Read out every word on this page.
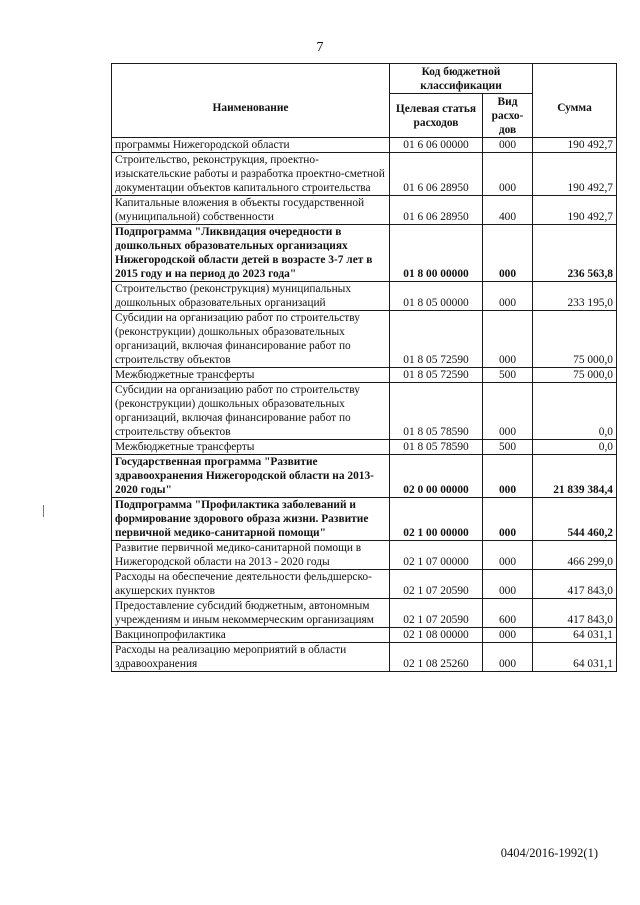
7
Наименование	Код бюджетной классификации		Сумма
	Целевая статья расходов	Вид расхо-дов	
программы Нижегородской области	01 6 06 00000	000	190 492,7
Строительство, реконструкция, проектно-изыскательские работы и разработка проектно-сметной документации объектов капитального строительства	01 6 06 28950	000	190 492,7
Капитальные вложения в объекты государственной (муниципальной) собственности	01 6 06 28950	400	190 492,7
Подпрограмма "Ликвидация очередности в дошкольных образовательных организациях Нижегородской области детей в возрасте 3-7 лет в 2015 году и на период до 2023 года"	01 8 00 00000	000	236 563,8
Строительство (реконструкция) муниципальных дошкольных образовательных организаций	01 8 05 00000	000	233 195,0
Субсидии на организацию работ по строительству (реконструкции) дошкольных образовательных организаций, включая финансирование работ по строительству объектов	01 8 05 72590	000	75 000,0
Межбюджетные трансферты	01 8 05 72590	500	75 000,0
Субсидии на организацию работ по строительству (реконструкции) дошкольных образовательных организаций, включая финансирование работ по строительству объектов	01 8 05 78590	000	0,0
Межбюджетные трансферты	01 8 05 78590	500	0,0
Государственная программа "Развитие здравоохранения Нижегородской области на 2013-2020 годы"	02 0 00 00000	000	21 839 384,4
Подпрограмма "Профилактика заболеваний и формирование здорового образа жизни. Развитие первичной медико-санитарной помощи"	02 1 00 00000	000	544 460,2
Развитие первичной медико-санитарной помощи в Нижегородской области на 2013 - 2020 годы	02 1 07 00000	000	466 299,0
Расходы на обеспечение деятельности фельдшерско-акушерских пунктов	02 1 07 20590	000	417 843,0
Предоставление субсидий бюджетным, автономным учреждениям и иным некоммерческим организациям	02 1 07 20590	600	417 843,0
Вакцинопрофилактика	02 1 08 00000	000	64 031,1
Расходы на реализацию мероприятий в области здравоохранения	02 1 08 25260	000	64 031,1
0404/2016-1992(1)
